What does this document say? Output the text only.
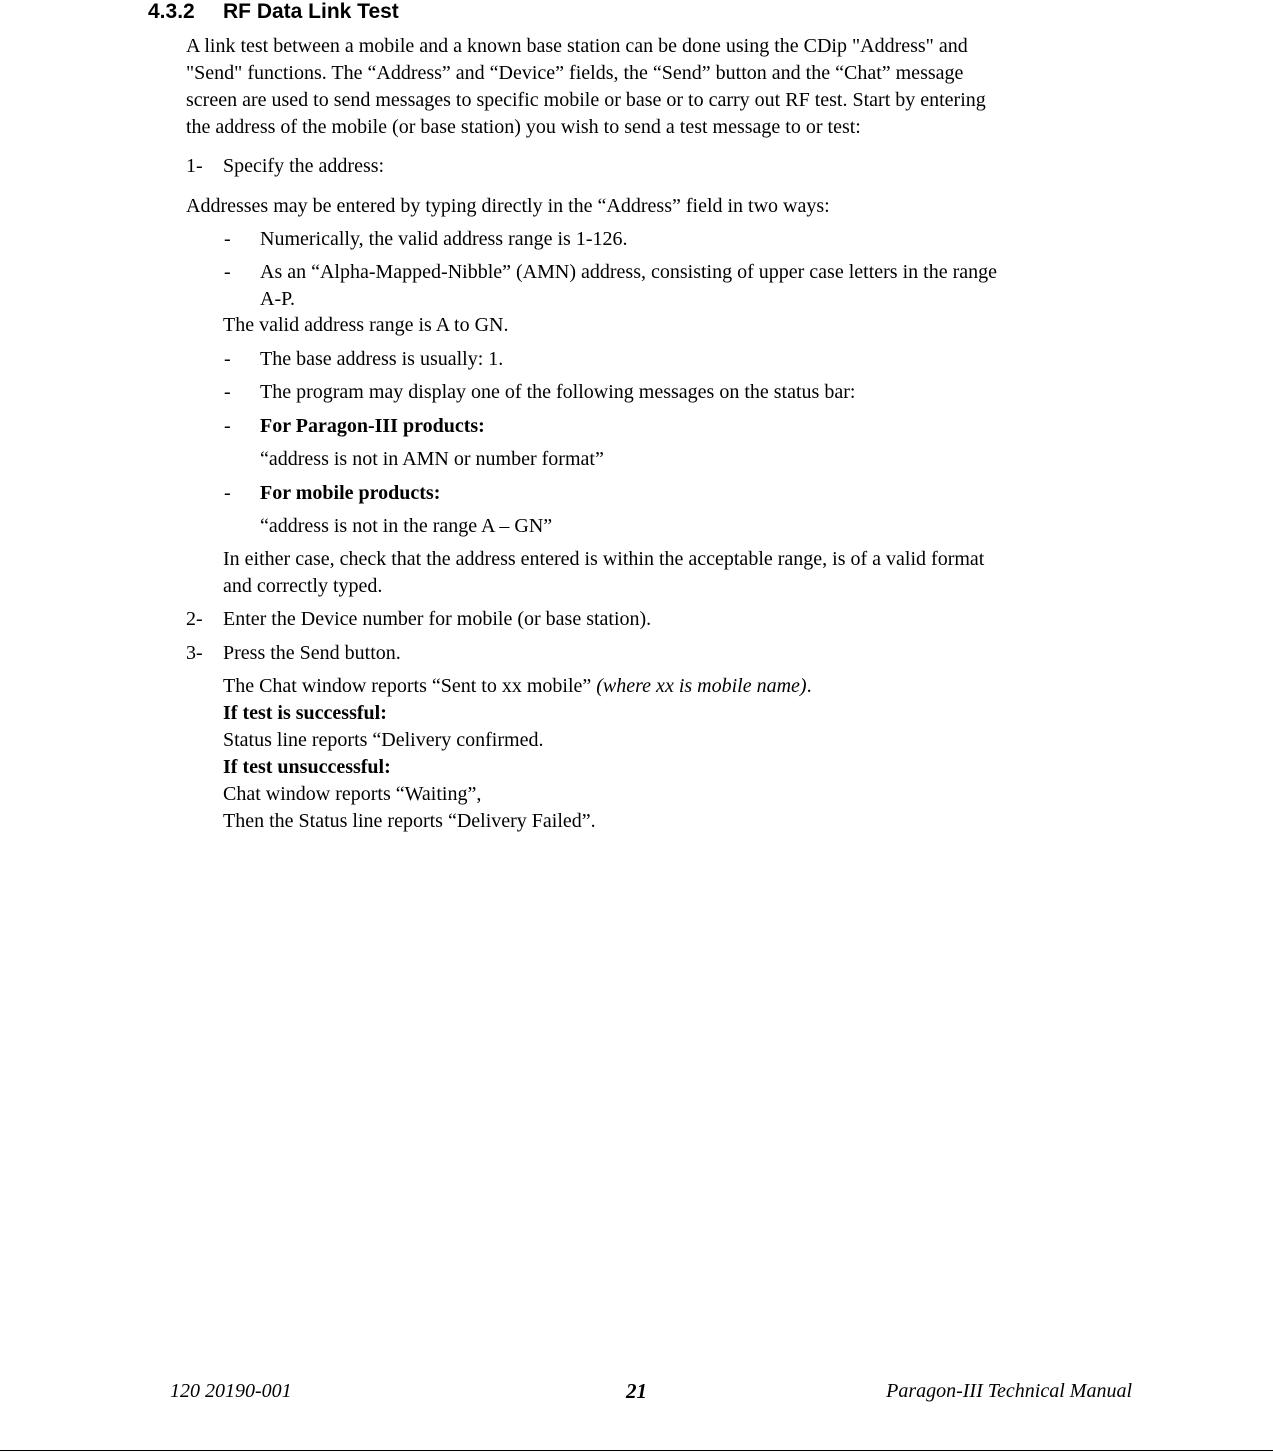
4.3.2 RF Data Link Test
A link test between a mobile and a known base station can be done using the CDip "Address" and
"Send" functions. The “Address” and “Device” fields, the “Send” button and the “Chat” message
screen are used to send messages to specific mobile or base or to carry out RF test. Start by entering
the address of the mobile (or base station) you wish to send a test message to or test:
1- Specify the address:
Addresses may be entered by typing directly in the “Address” field in two ways:
- Numerically, the valid address range is 1-126.
- As an “Alpha-Mapped-Nibble” (AMN) address, consisting of upper case letters in the range
A-P.
The valid address range is A to GN.
- The base address is usually: 1.
- The program may display one of the following messages on the status bar:
- For Paragon-III products:
“address is not in AMN or number format”
- For mobile products:
“address is not in the range A – GN”
In either case, check that the address entered is within the acceptable range, is of a valid format
and correctly typed.
2- Enter the Device number for mobile (or base station).
3- Press the Send button.
The Chat window reports “Sent to xx mobile” (where xx is mobile name).
If test is successful:
Status line reports “Delivery confirmed.
If test unsuccessful:
Chat window reports “Waiting”,
Then the Status line reports “Delivery Failed”.
120 20190-001	21	Paragon-III Technical Manual
